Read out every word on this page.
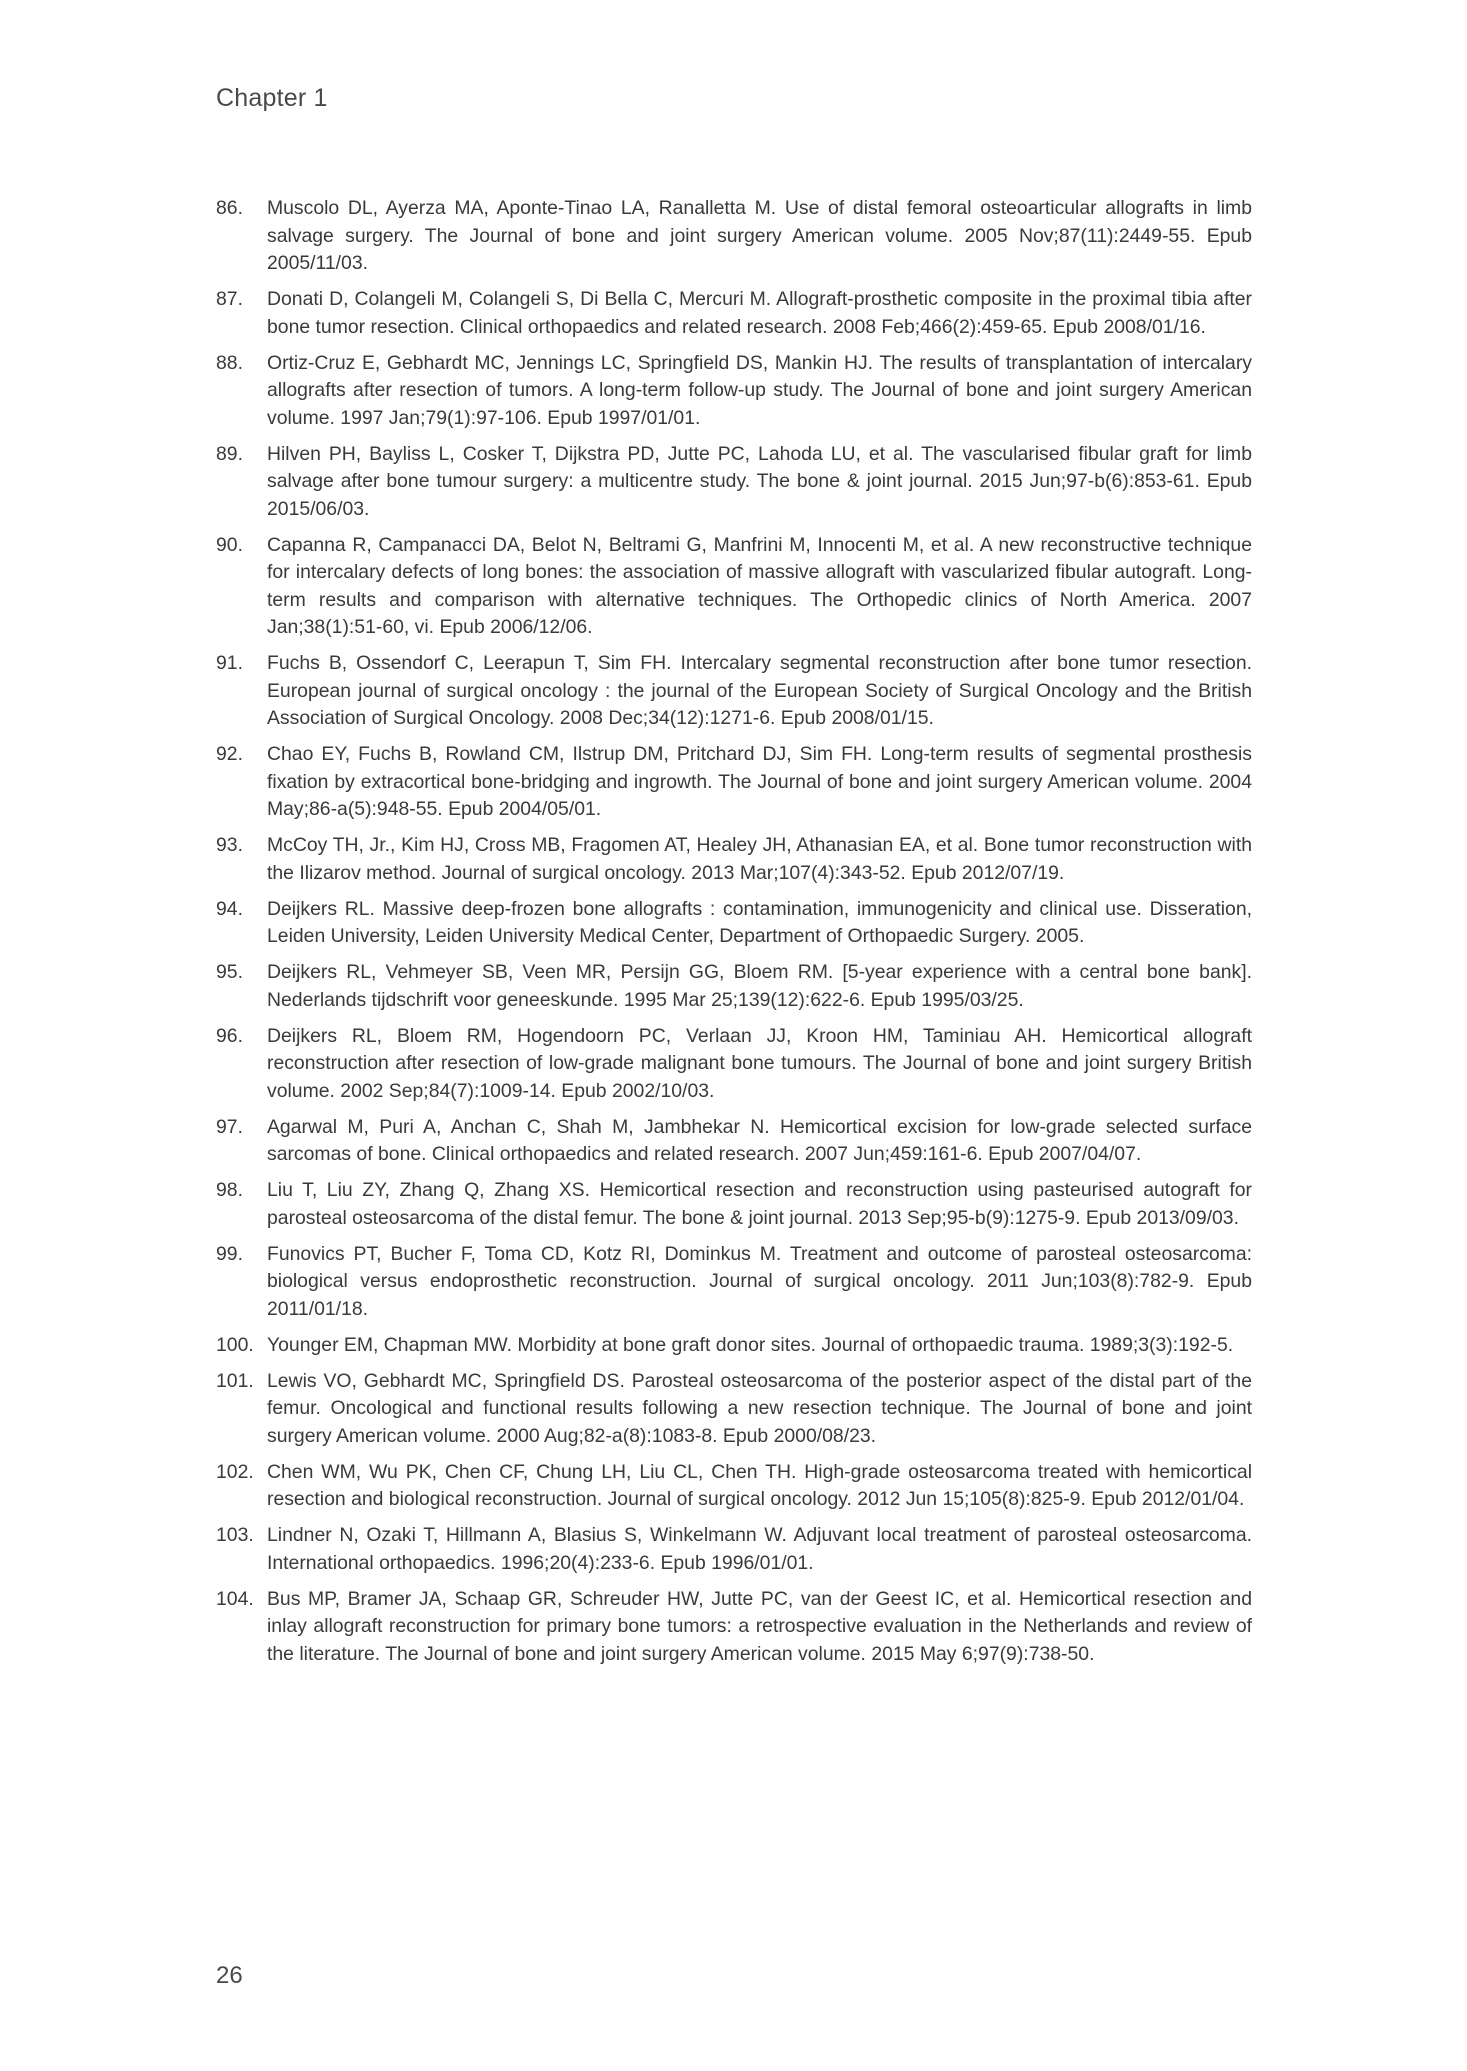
Chapter 1
86.	Muscolo DL, Ayerza MA, Aponte-Tinao LA, Ranalletta M. Use of distal femoral osteoarticular allografts in limb salvage surgery. The Journal of bone and joint surgery American volume. 2005 Nov;87(11):2449-55. Epub 2005/11/03.
87.	Donati D, Colangeli M, Colangeli S, Di Bella C, Mercuri M. Allograft-prosthetic composite in the proximal tibia after bone tumor resection. Clinical orthopaedics and related research. 2008 Feb;466(2):459-65. Epub 2008/01/16.
88.	Ortiz-Cruz E, Gebhardt MC, Jennings LC, Springfield DS, Mankin HJ. The results of transplantation of intercalary allografts after resection of tumors. A long-term follow-up study. The Journal of bone and joint surgery American volume. 1997 Jan;79(1):97-106. Epub 1997/01/01.
89.	Hilven PH, Bayliss L, Cosker T, Dijkstra PD, Jutte PC, Lahoda LU, et al. The vascularised fibular graft for limb salvage after bone tumour surgery: a multicentre study. The bone & joint journal. 2015 Jun;97-b(6):853-61. Epub 2015/06/03.
90.	Capanna R, Campanacci DA, Belot N, Beltrami G, Manfrini M, Innocenti M, et al. A new reconstructive technique for intercalary defects of long bones: the association of massive allograft with vascularized fibular autograft. Long-term results and comparison with alternative techniques. The Orthopedic clinics of North America. 2007 Jan;38(1):51-60, vi. Epub 2006/12/06.
91.	Fuchs B, Ossendorf C, Leerapun T, Sim FH. Intercalary segmental reconstruction after bone tumor resection. European journal of surgical oncology : the journal of the European Society of Surgical Oncology and the British Association of Surgical Oncology. 2008 Dec;34(12):1271-6. Epub 2008/01/15.
92.	Chao EY, Fuchs B, Rowland CM, Ilstrup DM, Pritchard DJ, Sim FH. Long-term results of segmental prosthesis fixation by extracortical bone-bridging and ingrowth. The Journal of bone and joint surgery American volume. 2004 May;86-a(5):948-55. Epub 2004/05/01.
93.	McCoy TH, Jr., Kim HJ, Cross MB, Fragomen AT, Healey JH, Athanasian EA, et al. Bone tumor reconstruction with the Ilizarov method. Journal of surgical oncology. 2013 Mar;107(4):343-52. Epub 2012/07/19.
94.	Deijkers RL. Massive deep-frozen bone allografts : contamination, immunogenicity and clinical use. Disseration, Leiden University, Leiden University Medical Center, Department of Orthopaedic Surgery. 2005.
95.	Deijkers RL, Vehmeyer SB, Veen MR, Persijn GG, Bloem RM. [5-year experience with a central bone bank]. Nederlands tijdschrift voor geneeskunde. 1995 Mar 25;139(12):622-6. Epub 1995/03/25.
96.	Deijkers RL, Bloem RM, Hogendoorn PC, Verlaan JJ, Kroon HM, Taminiau AH. Hemicortical allograft reconstruction after resection of low-grade malignant bone tumours. The Journal of bone and joint surgery British volume. 2002 Sep;84(7):1009-14. Epub 2002/10/03.
97.	Agarwal M, Puri A, Anchan C, Shah M, Jambhekar N. Hemicortical excision for low-grade selected surface sarcomas of bone. Clinical orthopaedics and related research. 2007 Jun;459:161-6. Epub 2007/04/07.
98.	Liu T, Liu ZY, Zhang Q, Zhang XS. Hemicortical resection and reconstruction using pasteurised autograft for parosteal osteosarcoma of the distal femur. The bone & joint journal. 2013 Sep;95-b(9):1275-9. Epub 2013/09/03.
99.	Funovics PT, Bucher F, Toma CD, Kotz RI, Dominkus M. Treatment and outcome of parosteal osteosarcoma: biological versus endoprosthetic reconstruction. Journal of surgical oncology. 2011 Jun;103(8):782-9. Epub 2011/01/18.
100. Younger EM, Chapman MW. Morbidity at bone graft donor sites. Journal of orthopaedic trauma. 1989;3(3):192-5.
101. Lewis VO, Gebhardt MC, Springfield DS. Parosteal osteosarcoma of the posterior aspect of the distal part of the femur. Oncological and functional results following a new resection technique. The Journal of bone and joint surgery American volume. 2000 Aug;82-a(8):1083-8. Epub 2000/08/23.
102. Chen WM, Wu PK, Chen CF, Chung LH, Liu CL, Chen TH. High-grade osteosarcoma treated with hemicortical resection and biological reconstruction. Journal of surgical oncology. 2012 Jun 15;105(8):825-9. Epub 2012/01/04.
103. Lindner N, Ozaki T, Hillmann A, Blasius S, Winkelmann W. Adjuvant local treatment of parosteal osteosarcoma. International orthopaedics. 1996;20(4):233-6. Epub 1996/01/01.
104. Bus MP, Bramer JA, Schaap GR, Schreuder HW, Jutte PC, van der Geest IC, et al. Hemicortical resection and inlay allograft reconstruction for primary bone tumors: a retrospective evaluation in the Netherlands and review of the literature. The Journal of bone and joint surgery American volume. 2015 May 6;97(9):738-50.
26
